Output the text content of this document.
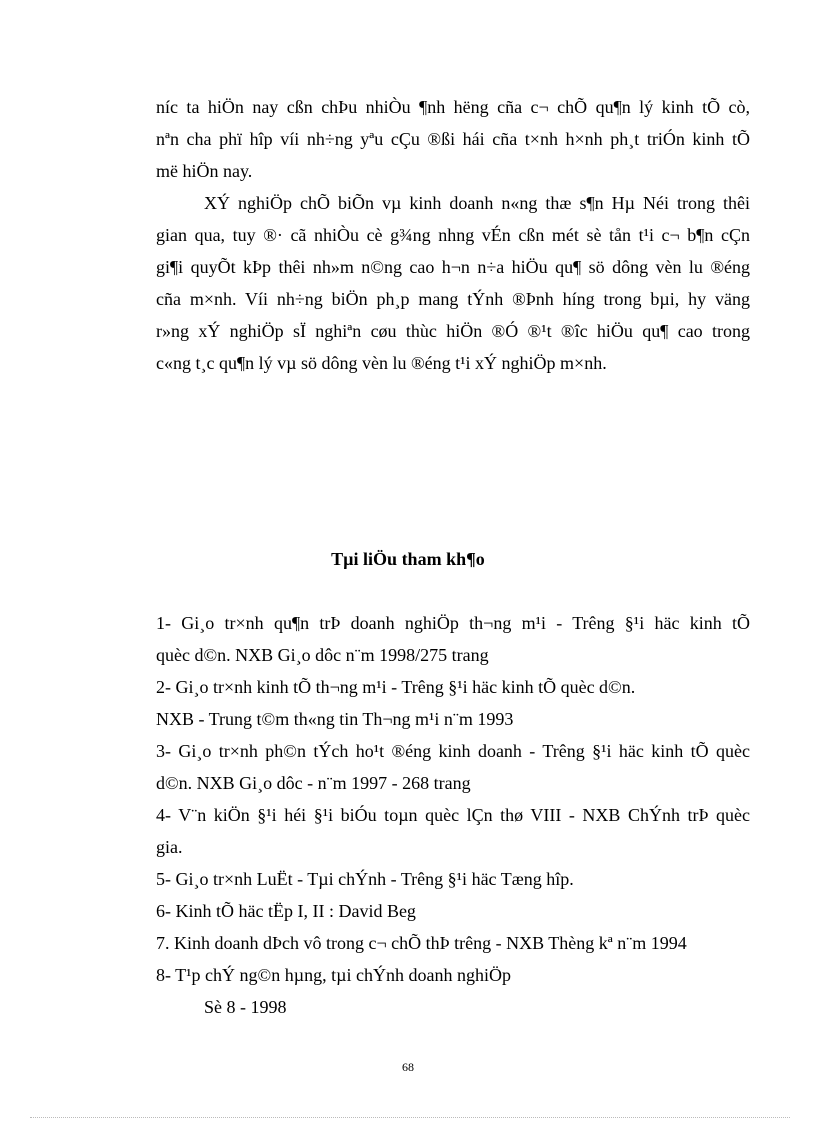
níc ta hiÖn nay cßn chÞu nhiÒu ¶nh hëng cña c¬ chÕ qu¶n lý kinh tÕ cò,
nªn cha phï hîp víi nh÷ng yªu cÇu ®ßi hái cña t×nh h×nh ph¸t triÓn kinh tÕ
më hiÖn nay.
XÝ nghiÖp chÕ biÕn vµ kinh doanh n«ng thæ s¶n Hµ Néi trong thêi
gian qua, tuy ®· cã nhiÒu cè g¾ng nhng vÉn cßn mét sè tån t¹i c¬ b¶n cÇn
gi¶i quyÕt kÞp thêi nh»m n©ng cao h¬n n÷a hiÖu qu¶ sö dông vèn lu ®éng
cña m×nh. Víi nh÷ng biÖn ph¸p mang tÝnh ®Þnh híng trong bµi, hy väng
r»ng xÝ nghiÖp sÏ nghiªn cøu thùc hiÖn ®Ó ®¹t ®îc hiÖu qu¶ cao trong
c«ng t¸c qu¶n lý vµ sö dông vèn lu ®éng t¹i xÝ nghiÖp m×nh.
Tµi liÖu tham kh¶o
1- Gi¸o tr×nh qu¶n trÞ doanh nghiÖp th¬ng m¹i - Trêng §¹i häc kinh tÕ
quèc d©n. NXB Gi¸o dôc n¨m 1998/275 trang
2- Gi¸o tr×nh kinh tÕ th¬ng m¹i - Trêng §¹i häc kinh tÕ quèc d©n.
NXB - Trung t©m th«ng tin Th¬ng m¹i n¨m 1993
3- Gi¸o tr×nh ph©n tÝch ho¹t ®éng kinh doanh - Trêng §¹i häc kinh tÕ quèc
d©n. NXB Gi¸o dôc - n¨m 1997 - 268 trang
4- V¨n kiÖn §¹i héi §¹i biÓu toµn quèc lÇn thø VIII - NXB ChÝnh trÞ quèc
gia.
5- Gi¸o tr×nh LuËt - Tµi chÝnh - Trêng §¹i häc Tæng hîp.
6- Kinh tÕ häc tËp I, II : David Beg
7. Kinh doanh dÞch vô trong c¬ chÕ thÞ trêng - NXB Thèng kª n¨m 1994
8- T¹p chÝ ng©n hµng, tµi chÝnh doanh nghiÖp
Sè 8 - 1998
68
